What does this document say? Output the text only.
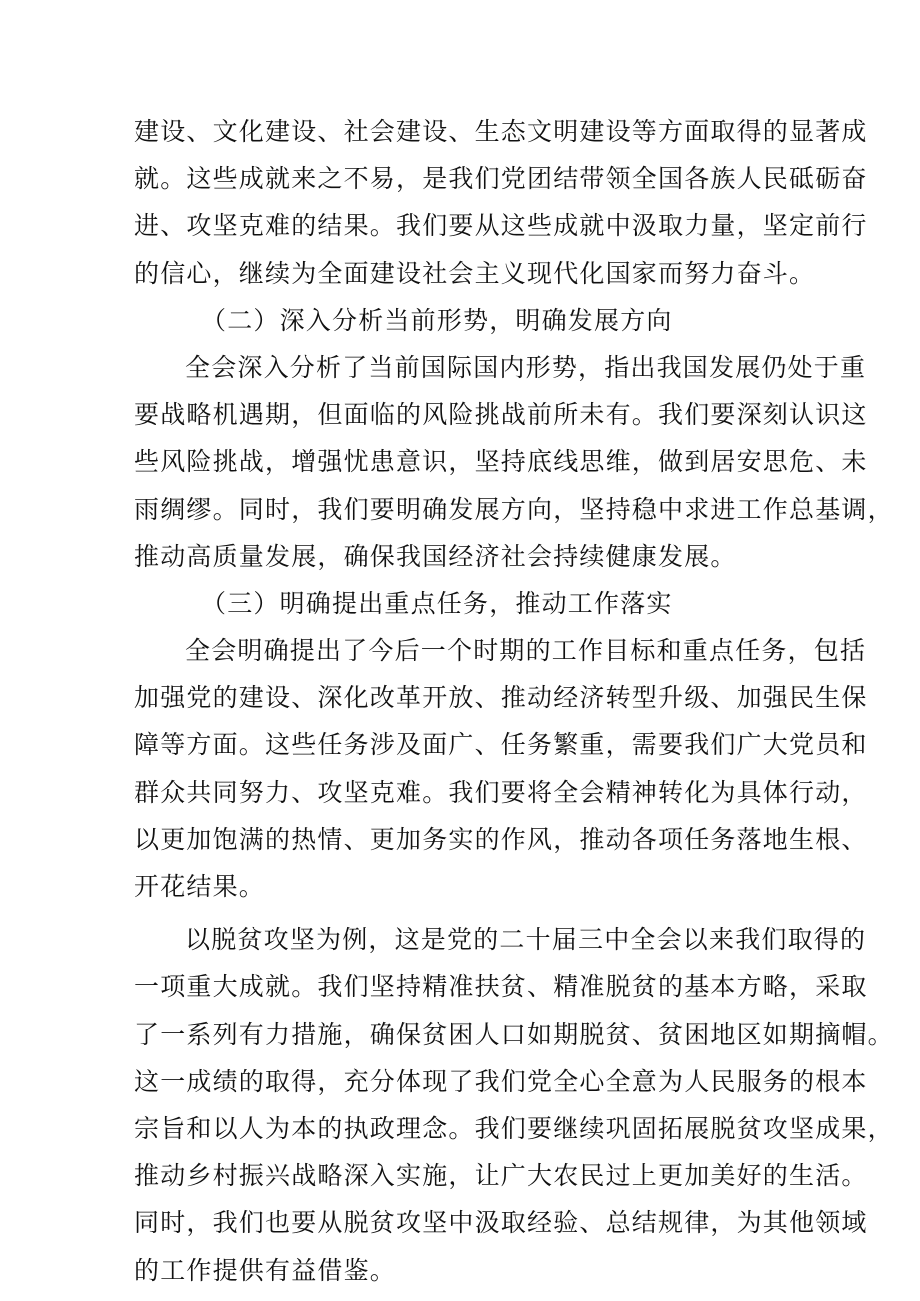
建设、文化建设、社会建设、生态文明建设等方面取得的显著成
就。这些成就来之不易，是我们党团结带领全国各族人民砥砺奋
进、攻坚克难的结果。我们要从这些成就中汲取力量，坚定前行
的信心，继续为全面建设社会主义现代化国家而努力奋斗。
（二）深入分析当前形势，明确发展方向
全会深入分析了当前国际国内形势，指出我国发展仍处于重
要战略机遇期，但面临的风险挑战前所未有。我们要深刻认识这
些风险挑战，增强忧患意识，坚持底线思维，做到居安思危、未
雨绸缪。同时，我们要明确发展方向，坚持稳中求进工作总基调，
推动高质量发展，确保我国经济社会持续健康发展。
（三）明确提出重点任务，推动工作落实
全会明确提出了今后一个时期的工作目标和重点任务，包括
加强党的建设、深化改革开放、推动经济转型升级、加强民生保
障等方面。这些任务涉及面广、任务繁重，需要我们广大党员和
群众共同努力、攻坚克难。我们要将全会精神转化为具体行动，
以更加饱满的热情、更加务实的作风，推动各项任务落地生根、
开花结果。
以脱贫攻坚为例，这是党的二十届三中全会以来我们取得的
一项重大成就。我们坚持精准扶贫、精准脱贫的基本方略，采取
了一系列有力措施，确保贫困人口如期脱贫、贫困地区如期摘帽。
这一成绩的取得，充分体现了我们党全心全意为人民服务的根本
宗旨和以人为本的执政理念。我们要继续巩固拓展脱贫攻坚成果，
推动乡村振兴战略深入实施，让广大农民过上更加美好的生活。
同时，我们也要从脱贫攻坚中汲取经验、总结规律，为其他领域
的工作提供有益借鉴。
